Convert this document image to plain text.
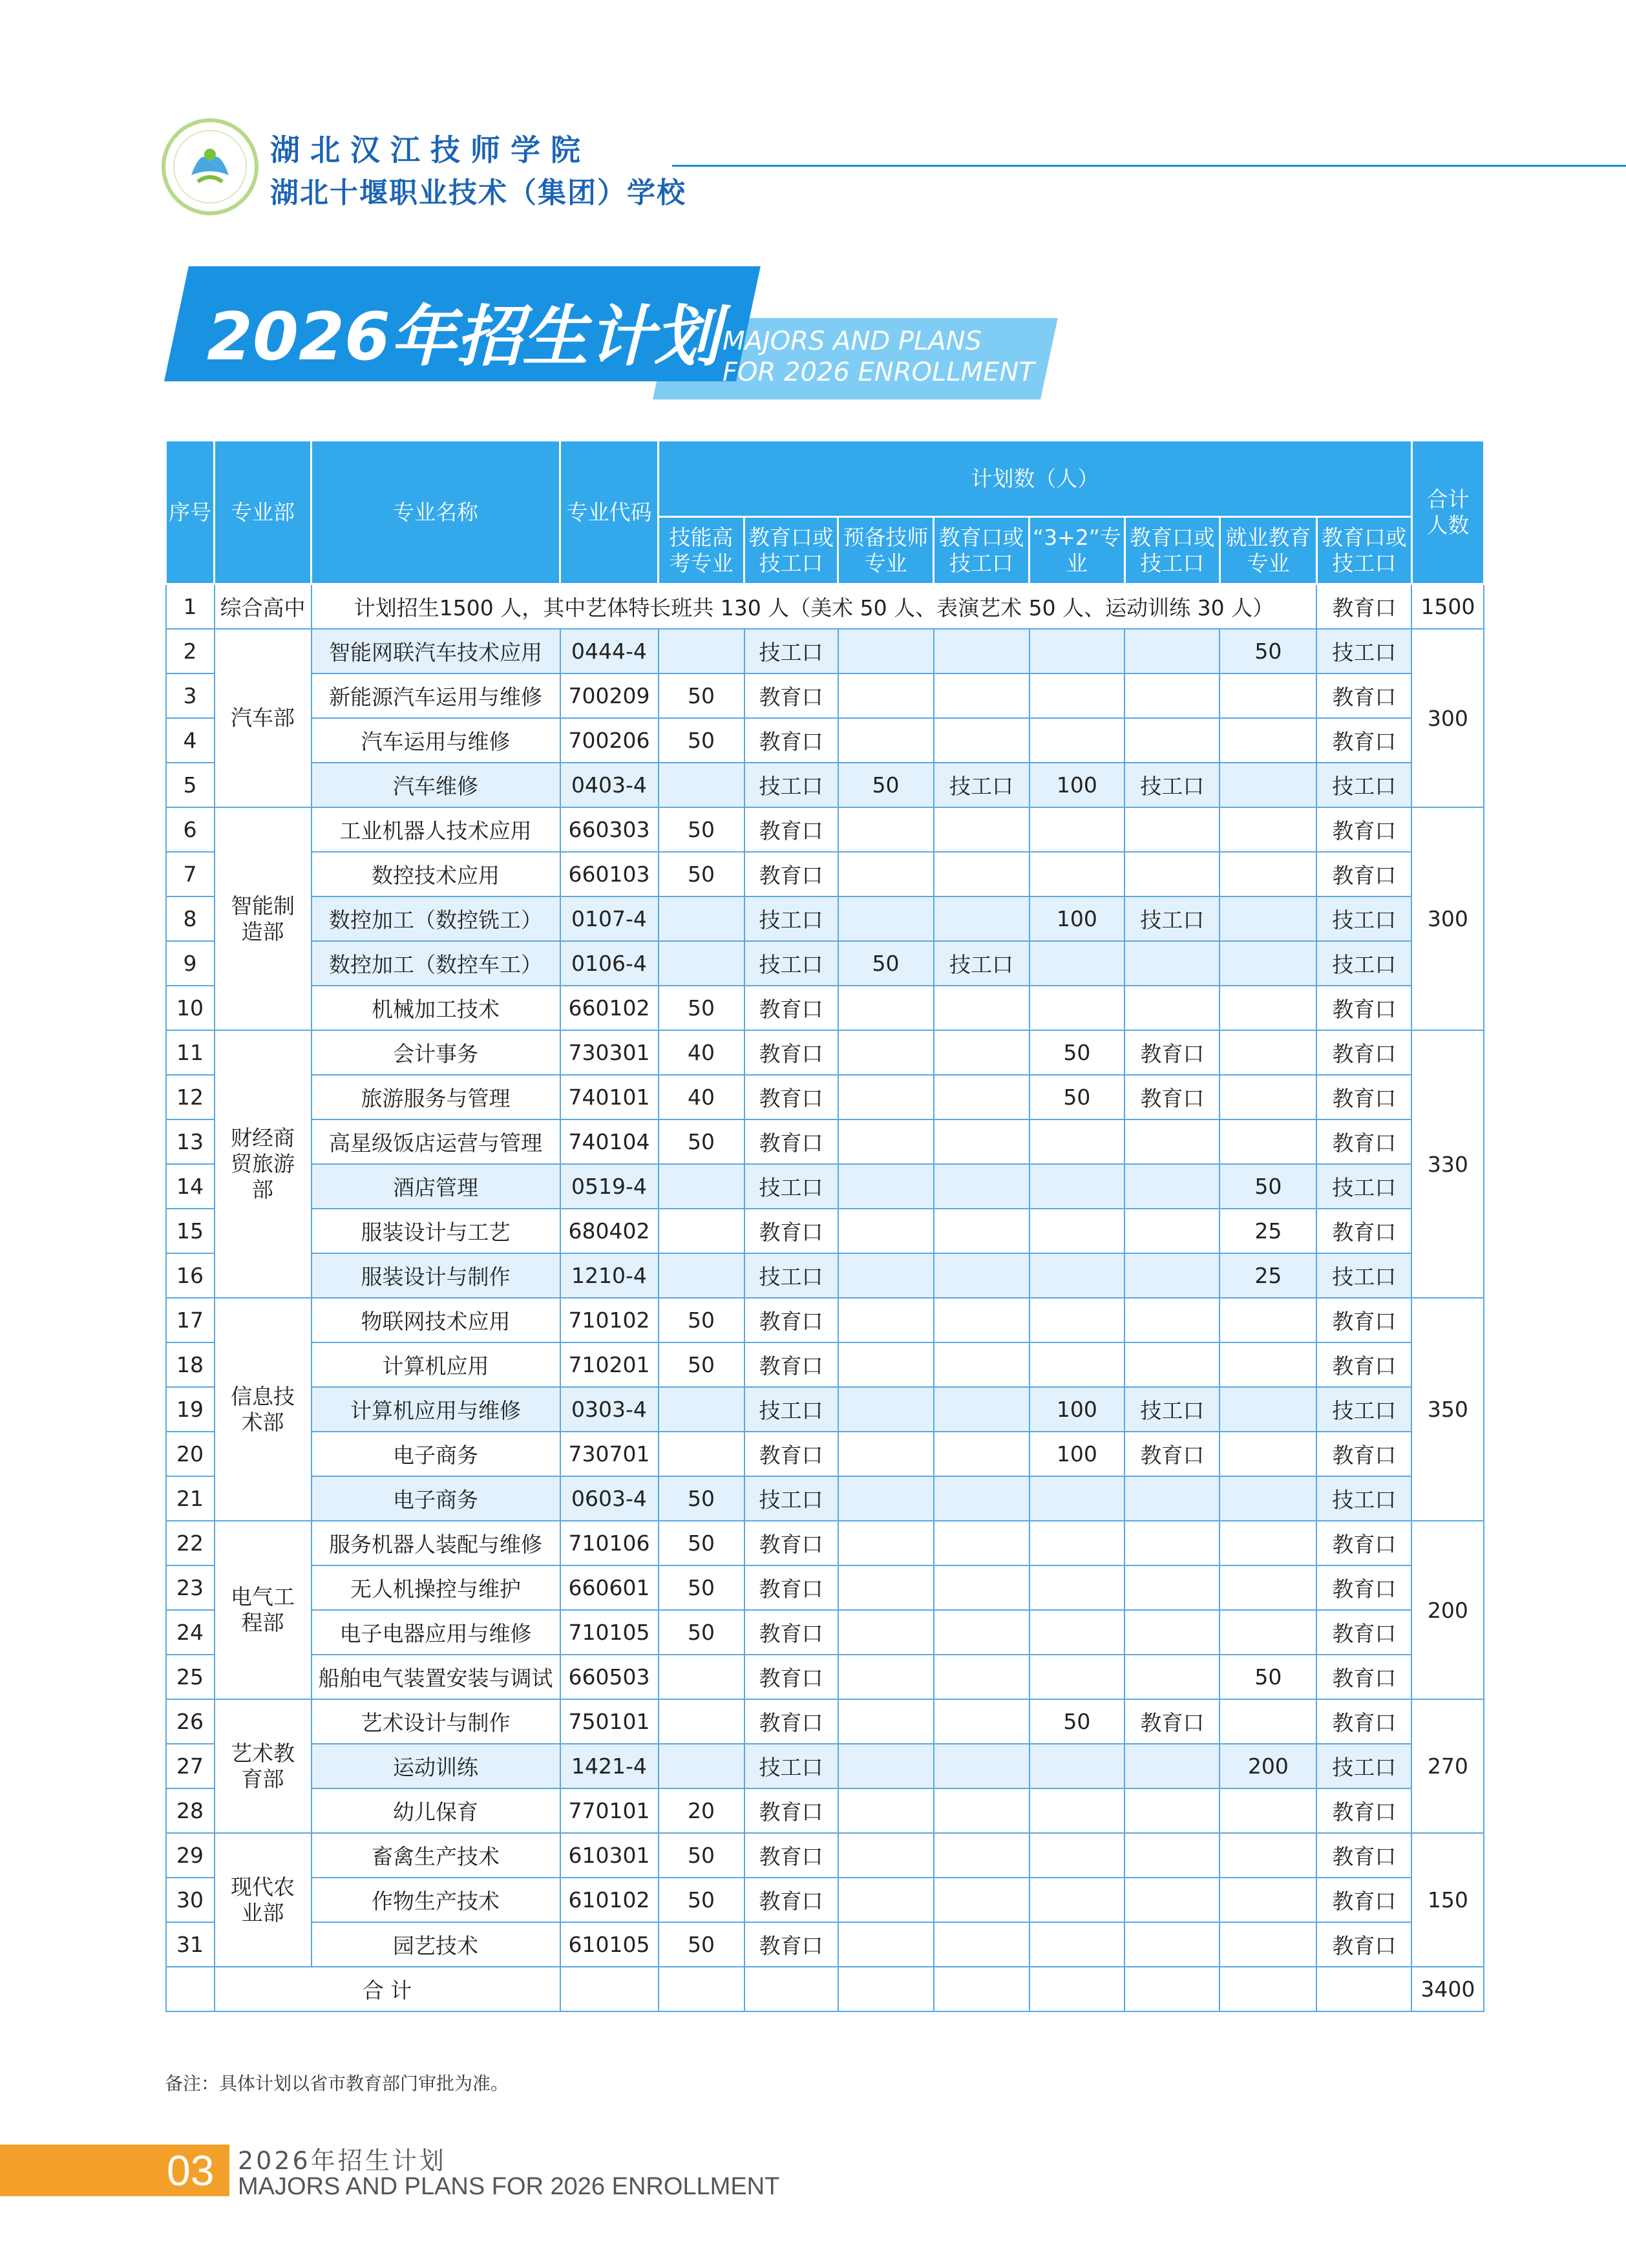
湖北汉江技师学院
湖北十堰职业技术（集团）学校
2026年招生计划 MAJORS AND PLANS
FOR 2026 ENROLLMENT
序号	专业部	专业名称	专业代码	计划数（人）								合计人数
				技能高考专业	教育口或技工口	预备技师专业	教育口或技工口	“3+2”专业	教育口或技工口	就业教育专业	教育口或技工口	
1	综合高中	计划招生1500 人，其中艺体特长班共 130 人（美术 50 人、表演艺术 50 人、运动训练 30 人）									教育口	1500
2	汽车部	智能网联汽车技术应用	0444-4		技工口					50	技工口	300
3		新能源汽车运用与维修	700209	50	教育口						教育口	
4		汽车运用与维修	700206	50	教育口						教育口	
5		汽车维修	0403-4		技工口	50	技工口	100	技工口		技工口	
6	智能制造部	工业机器人技术应用	660303	50	教育口						教育口	300
7		数控技术应用	660103	50	教育口						教育口	
8		数控加工（数控铣工）	0107-4		技工口			100	技工口		技工口	
9		数控加工（数控车工）	0106-4		技工口	50	技工口				技工口	
10		机械加工技术	660102	50	教育口						教育口	
11	财经商贸旅游部	会计事务	730301	40	教育口			50	教育口		教育口	330
12		旅游服务与管理	740101	40	教育口			50	教育口		教育口	
13		高星级饭店运营与管理	740104	50	教育口						教育口	
14		酒店管理	0519-4		技工口					50	技工口	
15		服装设计与工艺	680402		教育口					25	教育口	
16		服装设计与制作	1210-4		技工口					25	技工口	
17	信息技术部	物联网技术应用	710102	50	教育口						教育口	350
18		计算机应用	710201	50	教育口						教育口	
19		计算机应用与维修	0303-4		技工口			100	技工口		技工口	
20		电子商务	730701		教育口			100	教育口		教育口	
21		电子商务	0603-4	50	技工口						技工口	
22	电气工程部	服务机器人装配与维修	710106	50	教育口						教育口	200
23		无人机操控与维护	660601	50	教育口						教育口	
24		电子电器应用与维修	710105	50	教育口						教育口	
25		船舶电气装置安装与调试	660503		教育口					50	教育口	
26	艺术教育部	艺术设计与制作	750101		教育口			50	教育口		教育口	270
27		运动训练	1421-4		技工口					200	技工口	
28		幼儿保育	770101	20	教育口						教育口	
29	现代农业部	畜禽生产技术	610301	50	教育口						教育口	150
30		作物生产技术	610102	50	教育口						教育口	
31		园艺技术	610105	50	教育口						教育口	
	合 计											3400
备注：具体计划以省市教育部门审批为准。
03 2026年招生计划
MAJORS AND PLANS FOR 2026 ENROLLMENT
